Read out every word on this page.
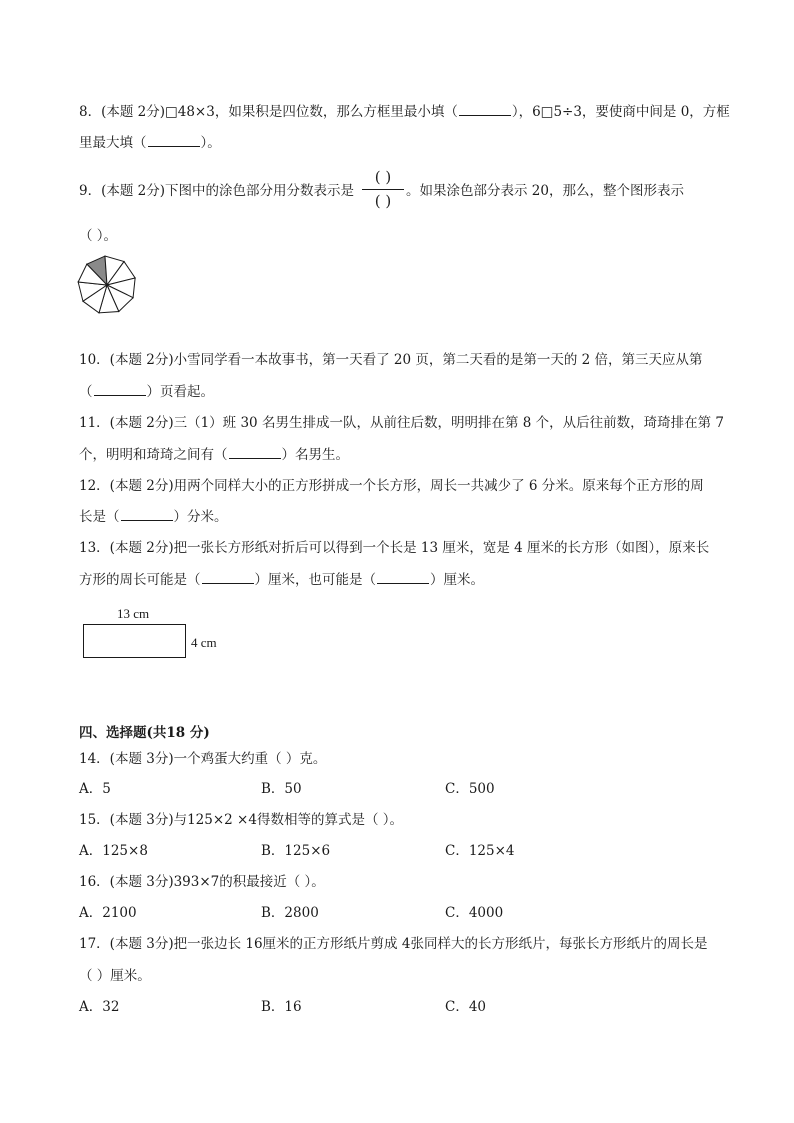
8．(本题 2分)□48×3，如果积是四位数，那么方框里最小填（	），6□5÷3，要使商中间是 0，方框
里最大填（	）。
9．(本题 2分)下图中的涂色部分用分数表示是
( )
( )
。如果涂色部分表示 20，那么，整个图形表示
（ ）。
10．(本题 2分)小雪同学看一本故事书，第一天看了 20 页，第二天看的是第一天的 2 倍，第三天应从第
（	）页看起。
11．(本题 2分)三（1）班 30 名男生排成一队，从前往后数，明明排在第 8 个，从后往前数，琦琦排在第 7
个，明明和琦琦之间有（	）名男生。
12．(本题 2分)用两个同样大小的正方形拼成一个长方形，周长一共减少了 6 分米。原来每个正方形的周
长是（	）分米。
13．(本题 2分)把一张长方形纸对折后可以得到一个长是 13 厘米，宽是 4 厘米的长方形（如图），原来长
方形的周长可能是（	）厘米，也可能是（	）厘米。
13 cm
4 cm
四、选择题(共18 分)
14．(本题 3分)一个鸡蛋大约重（ ）克。
A．5	B．50	C．500
15．(本题 3分)与125×2 ×4得数相等的算式是（ ）。
A．125×8	B．125×6	C．125×4
16．(本题 3分)393×7的积最接近（ ）。
A．2100	B．2800	C．4000
17．(本题 3分)把一张边长 16厘米的正方形纸片剪成 4张同样大的长方形纸片，每张长方形纸片的周长是
（ ）厘米。
A．32	B．16	C．40
